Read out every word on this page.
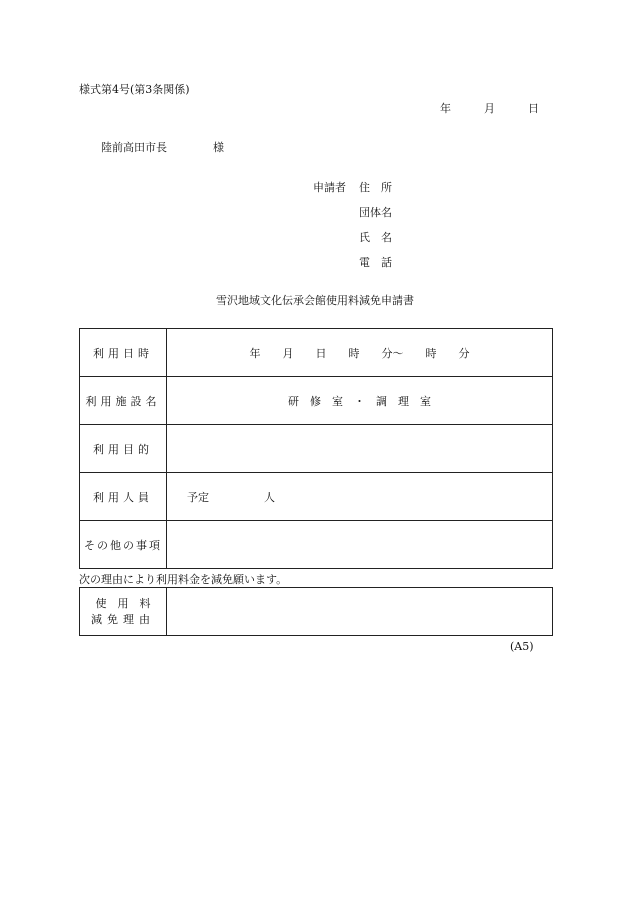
様式第4号(第3条関係)
年	月	日
陸前高田市長	様
申請者 住　所
団体名
氏　名
電　話
雪沢地域文化伝承会館使用料減免申請書
利用日時	年　　月　　日　　時　　分〜　　時　　分
利用施設名	研　修　室　・　調　理　室
利用目的	
利用人員	予定　　　　　人
その他の事項	
次の理由により利用料金を減免願います。
使　用　料
減免理由

(A5)
